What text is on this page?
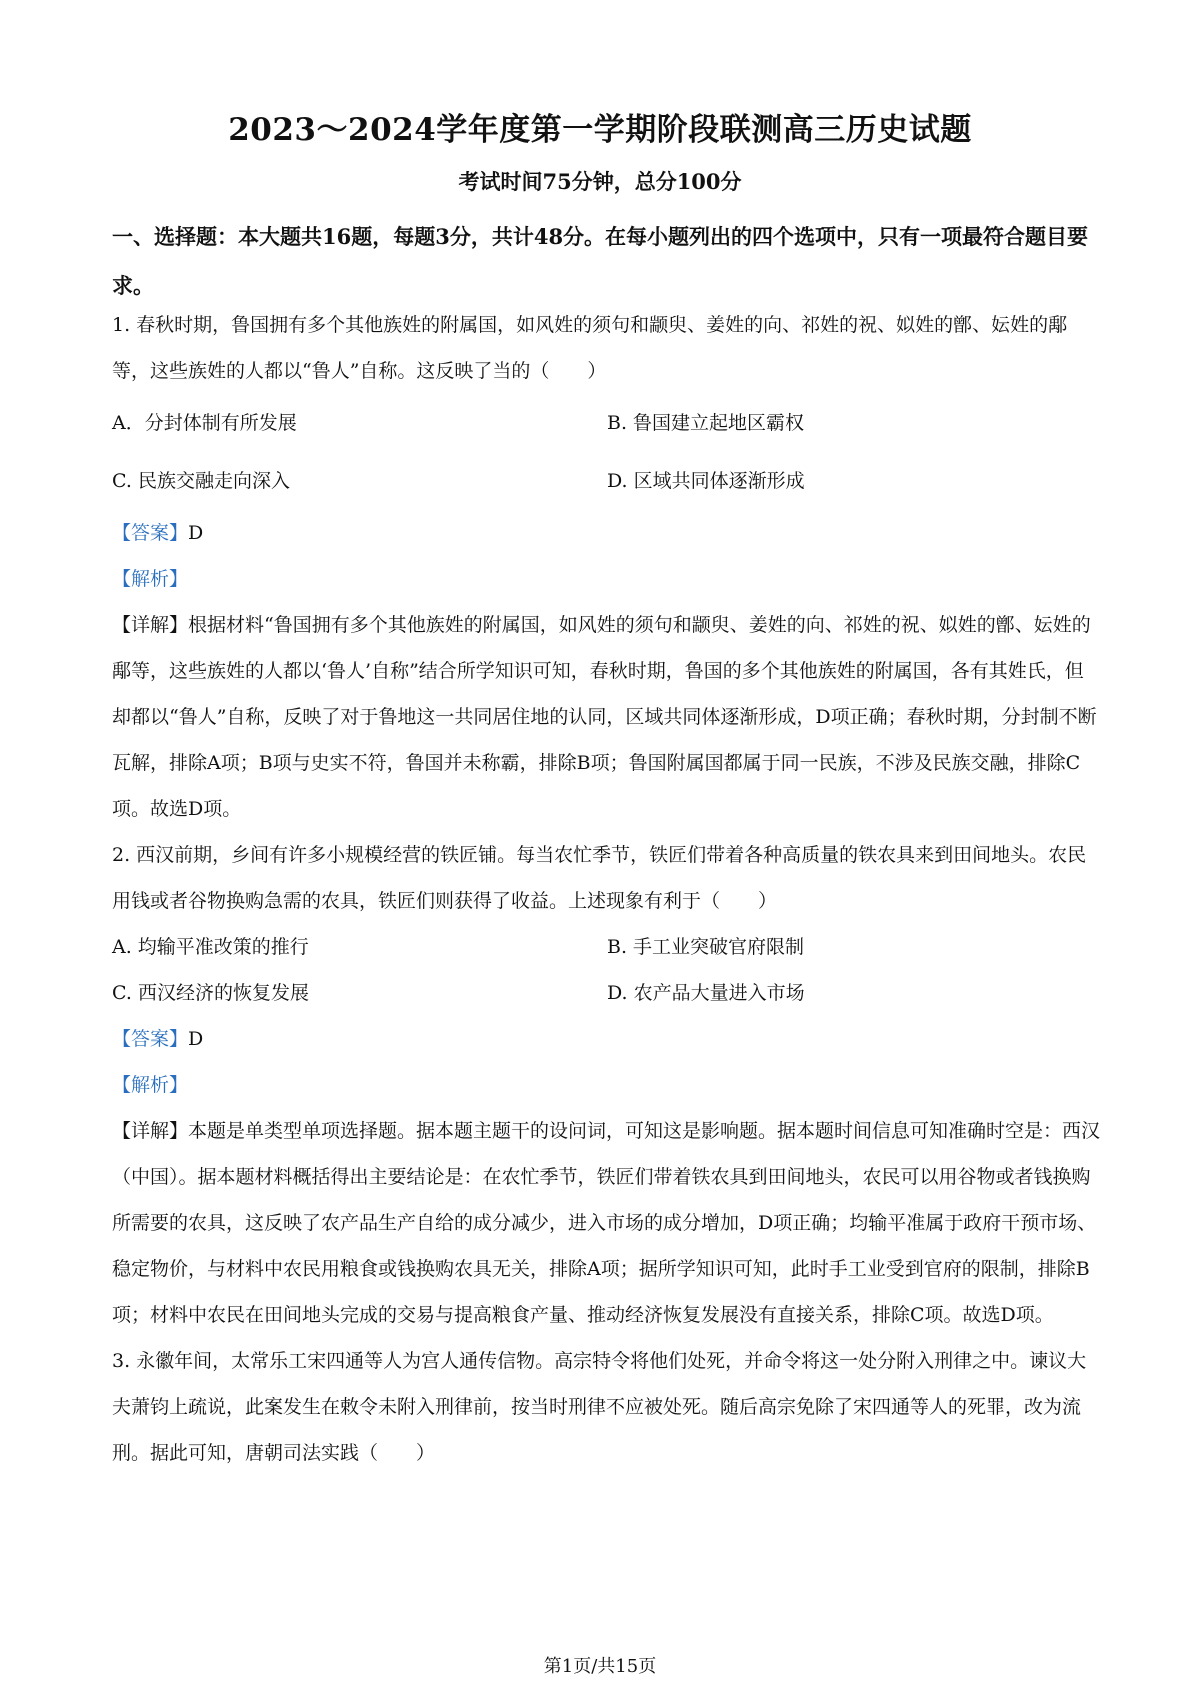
2023～2024学年度第一学期阶段联测高三历史试题
考试时间75分钟，总分100分
一、选择题：本大题共16题，每题3分，共计48分。在每小题列出的四个选项中，只有一项最符合题目要求。

1. 春秋时期，鲁国拥有多个其他族姓的附属国，如风姓的须句和颛臾、姜姓的向、祁姓的祝、姒姓的鄫、妘姓的鄅等，这些族姓的人都以“鲁人”自称。这反映了当的（　　）

A．分封体制有所发展	B. 鲁国建立起地区霸权
C. 民族交融走向深入	D. 区域共同体逐渐形成
【答案】D
【解析】

【详解】根据材料“鲁国拥有多个其他族姓的附属国，如风姓的须句和颛臾、姜姓的向、祁姓的祝、姒姓的鄫、妘姓的鄅等，这些族姓的人都以‘鲁人’自称”结合所学知识可知，春秋时期，鲁国的多个其他族姓的附属国，各有其姓氏，但却都以“鲁人”自称，反映了对于鲁地这一共同居住地的认同，区域共同体逐渐形成，D项正确；春秋时期，分封制不断瓦解，排除A项；B项与史实不符，鲁国并未称霸，排除B项；鲁国附属国都属于同一民族，不涉及民族交融，排除C项。故选D项。

2. 西汉前期，乡间有许多小规模经营的铁匠铺。每当农忙季节，铁匠们带着各种高质量的铁农具来到田间地头。农民用钱或者谷物换购急需的农具，铁匠们则获得了收益。上述现象有利于（　　）

A. 均输平准改策的推行	B. 手工业突破官府限制
C. 西汉经济的恢复发展	D. 农产品大量进入市场
【答案】D
【解析】

【详解】本题是单类型单项选择题。据本题主题干的设问词，可知这是影响题。据本题时间信息可知准确时空是：西汉（中国）。据本题材料概括得出主要结论是：在农忙季节，铁匠们带着铁农具到田间地头，农民可以用谷物或者钱换购所需要的农具，这反映了农产品生产自给的成分减少，进入市场的成分增加，D项正确；均输平准属于政府干预市场、稳定物价，与材料中农民用粮食或钱换购农具无关，排除A项；据所学知识可知，此时手工业受到官府的限制，排除B项；材料中农民在田间地头完成的交易与提高粮食产量、推动经济恢复发展没有直接关系，排除C项。故选D项。

3. 永徽年间，太常乐工宋四通等人为宫人通传信物。高宗特令将他们处死，并命令将这一处分附入刑律之中。谏议大夫萧钧上疏说，此案发生在敕令未附入刑律前，按当时刑律不应被处死。随后高宗免除了宋四通等人的死罪，改为流刑。据此可知，唐朝司法实践（　　）

第1页/共15页
